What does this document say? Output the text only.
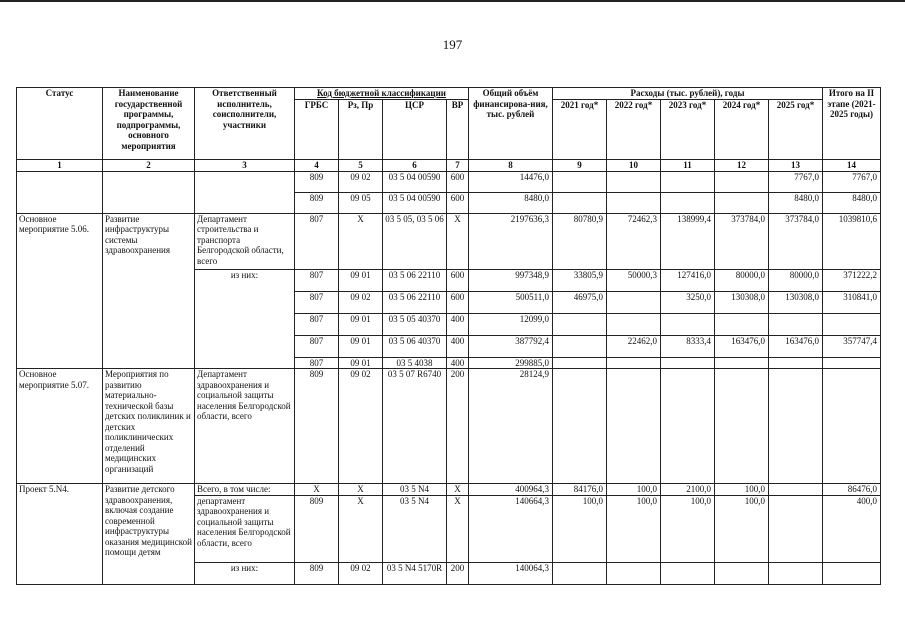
197
Статус	Наименование государственной программы, подпрограммы, основного мероприятия	Ответственный исполнитель, соисполнители, участники	Код бюджетной классификации				Общий объём финансирова-ния, тыс. рублей	Расходы (тыс. рублей), годы					Итого на II этапе (2021-2025 годы)
			ГРБС	Рз, Пр	ЦСР	ВР		2021 год*	2022 год*	2023 год*	2024 год*	2025 год*	
1	2	3	4	5	6	7	8	9	10	11	12	13	14
			809	09 02	03 5 04 00590	600	14476,0					7767,0	7767,0
			809	09 05	03 5 04 00590	600	8480,0					8480,0	8480,0
Основное мероприятие 5.06.	Развитие инфраструктуры системы здравоохранения	Департамент строительства и транспорта Белгородской области, всего	807	Х	03 5 05, 03 5 06	Х	2197636,3	80780,9	72462,3	138999,4	373784,0	373784,0	1039810,6
		из них:	807	09 01	03 5 06 22110	600	997348,9	33805,9	50000,3	127416,0	80000,0	80000,0	371222,2
			807	09 02	03 5 06 22110	600	500511,0	46975,0		3250,0	130308,0	130308,0	310841,0
			807	09 01	03 5 05 40370	400	12099,0						
			807	09 01	03 5 06 40370	400	387792,4		22462,0	8333,4	163476,0	163476,0	357747,4
			807	09 01	03 5 4038	400	299885,0						
Основное мероприятие 5.07.	Мероприятия по развитию материально-технической базы детских поликлиник и детских поликлинических отделений медицинских организаций	Департамент здравоохранения и социальной защиты населения Белгородской области, всего	809	09 02	03 5 07 R6740	200	28124,9						
Проект 5.N4.	Развитие детского здравоохранения, включая создание современной инфраструктуры оказания медицинской помощи детям	Всего, в том числе:	Х	Х	03 5 N4	Х	400964,3	84176,0	100,0	2100,0	100,0		86476,0
		департамент здравоохранения и социальной защиты населения Белгородской области, всего	809	Х	03 5 N4	Х	140664,3	100,0	100,0	100,0	100,0		400,0
		из них:	809	09 02	03 5 N4 5170R	200	140064,3						
